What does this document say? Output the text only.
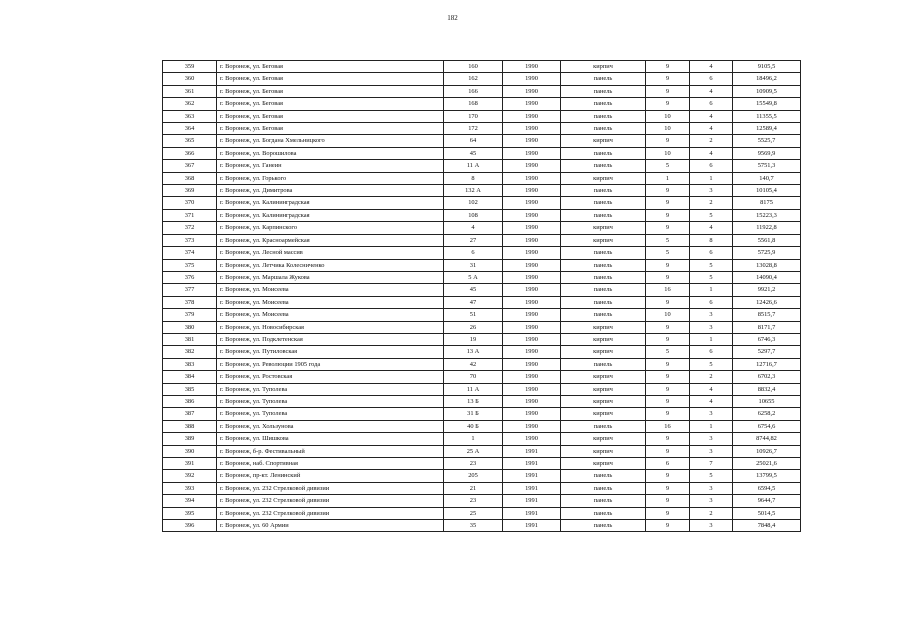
182
359	г. Воронеж, ул. Беговая	160	1990	кирпич	9	4	9105,5
360	г. Воронеж, ул. Беговая	162	1990	панель	9	6	18496,2
361	г. Воронеж, ул. Беговая	166	1990	панель	9	4	10909,5
362	г. Воронеж, ул. Беговая	168	1990	панель	9	6	15549,8
363	г. Воронеж, ул. Беговая	170	1990	панель	10	4	11355,5
364	г. Воронеж, ул. Беговая	172	1990	панель	10	4	12589,4
365	г. Воронеж, ул. Богдана Хмельницкого	64	1990	кирпич	9	2	5525,7
366	г. Воронеж, ул. Ворошилова	45	1990	панель	10	4	9569,9
367	г. Воронеж, ул. Ганеин	11 А	1990	панель	5	6	5751,3
368	г. Воронеж, ул. Горького	8	1990	кирпич	1	1	140,7
369	г. Воронеж, ул. Димитрова	132 А	1990	панель	9	3	10105,4
370	г. Воронеж, ул. Калининградская	102	1990	панель	9	2	8175
371	г. Воронеж, ул. Калининградская	108	1990	панель	9	5	15223,3
372	г. Воронеж, ул. Карпинского	4	1990	кирпич	9	4	11922,8
373	г. Воронеж, ул. Красноармейская	27	1990	кирпич	5	8	5561,8
374	г. Воронеж, ул. Лесной массив	6	1990	панель	5	6	5725,9
375	г. Воронеж, ул. Летчика Колесниченко	31	1990	панель	9	5	13028,8
376	г. Воронеж, ул. Маршала Жукова	5 А	1990	панель	9	5	14090,4
377	г. Воронеж, ул. Моисеева	45	1990	панель	16	1	9921,2
378	г. Воронеж, ул. Моисеева	47	1990	панель	9	6	12426,6
379	г. Воронеж, ул. Моисеева	51	1990	панель	10	3	8515,7
380	г. Воронеж, ул. Новосибирская	26	1990	кирпич	9	3	8171,7
381	г. Воронеж, ул. Подклетенская	19	1990	кирпич	9	1	6746,3
382	г. Воронеж, ул. Путиловская	13 А	1990	кирпич	5	6	5297,7
383	г. Воронеж, ул. Революции 1905 года	42	1990	панель	9	5	12716,7
384	г. Воронеж, ул. Ростовская	70	1990	кирпич	9	2	6702,3
385	г. Воронеж, ул. Туполева	11 А	1990	кирпич	9	4	8832,4
386	г. Воронеж, ул. Туполева	13 Б	1990	кирпич	9	4	10655
387	г. Воронеж, ул. Туполева	31 Б	1990	кирпич	9	3	6258,2
388	г. Воронеж, ул. Хользунова	40 Б	1990	панель	16	1	6754,6
389	г. Воронеж, ул. Шишкова	1	1990	кирпич	9	3	8744,82
390	г. Воронеж, б-р. Фестивальный	25 А	1991	кирпич	9	3	10926,7
391	г. Воронеж, наб. Спортивная	23	1991	кирпич	6	7	25021,6
392	г. Воронеж, пр-кт. Ленинский	205	1991	панель	9	5	13799,5
393	г. Воронеж, ул. 232 Стрелковой дивизии	21	1991	панель	9	3	6594,5
394	г. Воронеж, ул. 232 Стрелковой дивизии	23	1991	панель	9	3	9644,7
395	г. Воронеж, ул. 232 Стрелковой дивизии	25	1991	панель	9	2	5014,5
396	г. Воронеж, ул. 60 Армии	35	1991	панель	9	3	7848,4
